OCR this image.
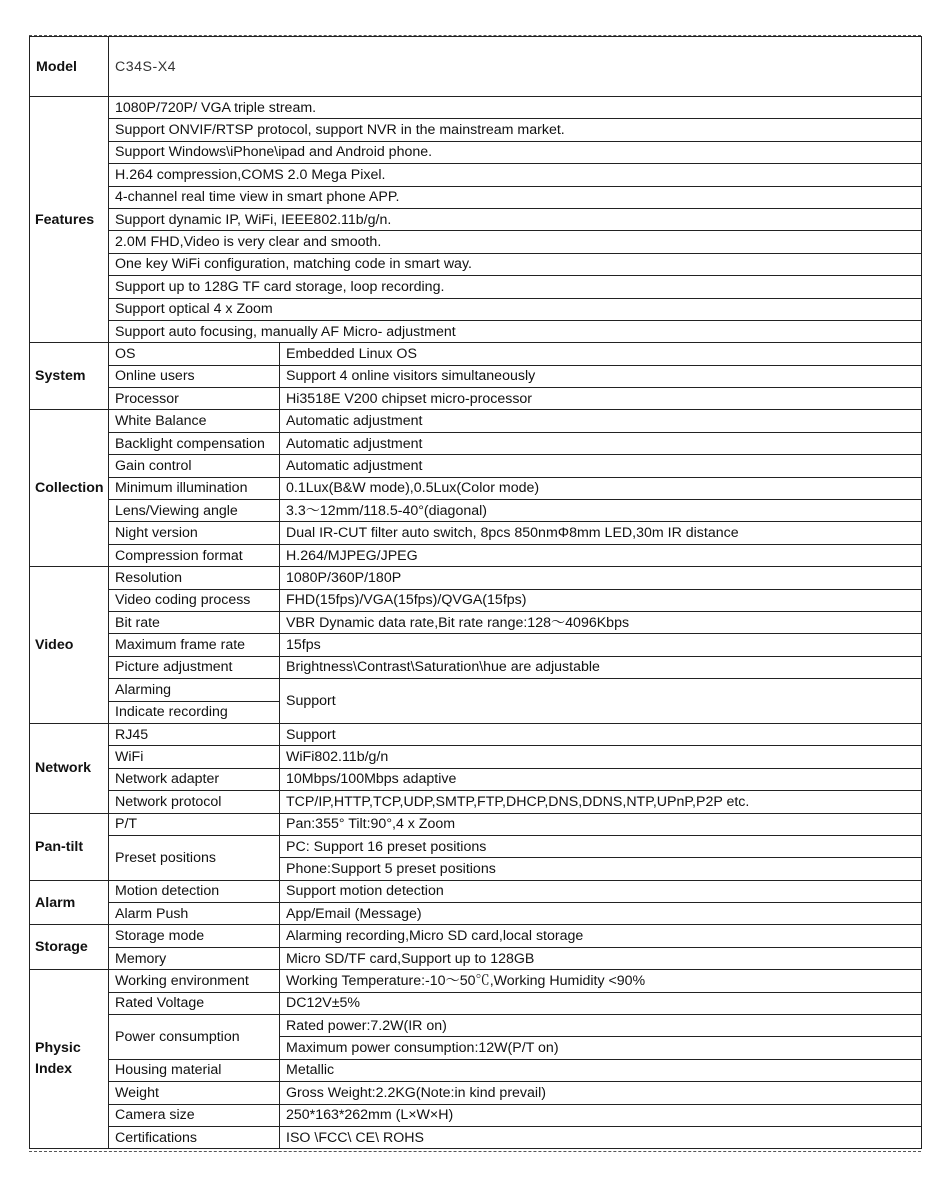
Model	C34S-X4	
Features	1080P/720P/ VGA triple stream.	
	Support ONVIF/RTSP protocol, support NVR in the mainstream market.	
	Support Windows\iPhone\ipad and Android phone.	
	H.264 compression,COMS 2.0 Mega Pixel.	
	4-channel real time view in smart phone APP.	
	Support dynamic IP, WiFi, IEEE802.11b/g/n.	
	2.0M FHD,Video is very clear and smooth.	
	One key WiFi configuration, matching code in smart way.	
	Support up to 128G TF card storage, loop recording.	
	Support optical 4 x Zoom	
	Support auto focusing, manually AF Micro- adjustment	
System	OS	Embedded Linux OS
	Online users	Support 4 online visitors simultaneously
	Processor	Hi3518E V200 chipset micro-processor
Collection	White Balance	Automatic adjustment
	Backlight compensation	Automatic adjustment
	Gain control	Automatic adjustment
	Minimum illumination	0.1Lux(B&W mode),0.5Lux(Color mode)
	Lens/Viewing angle	3.3～12mm/118.5-40°(diagonal)
	Night version	Dual IR-CUT filter auto switch, 8pcs 850nmΦ8mm LED,30m IR distance
	Compression format	H.264/MJPEG/JPEG
Video	Resolution	1080P/360P/180P
	Video coding process	FHD(15fps)/VGA(15fps)/QVGA(15fps)
	Bit rate	VBR Dynamic data rate,Bit rate range:128～4096Kbps
	Maximum frame rate	15fps
	Picture adjustment	Brightness\Contrast\Saturation\hue are adjustable
	Alarming	Support
	Indicate recording	
Network	RJ45	Support
	WiFi	WiFi802.11b/g/n
	Network adapter	10Mbps/100Mbps adaptive
	Network protocol	TCP/IP,HTTP,TCP,UDP,SMTP,FTP,DHCP,DNS,DDNS,NTP,UPnP,P2P etc.
Pan-tilt	P/T	Pan:355° Tilt:90°,4 x Zoom
	Preset positions	PC: Support 16 preset positions
		Phone:Support 5 preset positions
Alarm	Motion detection	Support motion detection
	Alarm Push	App/Email (Message)
Storage	Storage mode	Alarming recording,Micro SD card,local storage
	Memory	Micro SD/TF card,Support up to 128GB
Physic Index	Working environment	Working Temperature:-10～50℃,Working Humidity <90%
	Rated Voltage	DC12V±5%
	Power consumption	Rated power:7.2W(IR on)
		Maximum power consumption:12W(P/T on)
	Housing material	Metallic
	Weight	Gross Weight:2.2KG(Note:in kind prevail)
	Camera size	250*163*262mm (L×W×H)
	Certifications	ISO \FCC\ CE\ ROHS
